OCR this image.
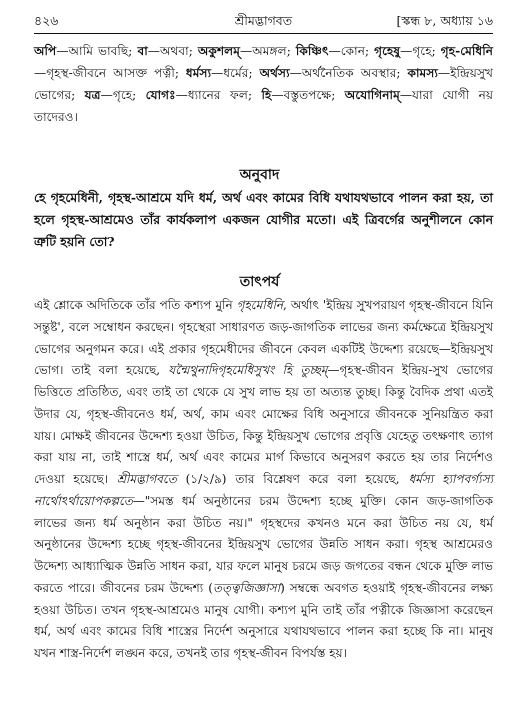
৪২৬	শ্রীমদ্ভাগবত	[স্কন্ধ ৮, অধ্যায় ১৬
অপি—আমি ভাবছি; বা—অথবা; অকুশলম্—অমঙ্গল; কিঞ্চিৎ—কোন; গৃহেষু—গৃহে; গৃহ-মেধিনি—গৃহস্থ-জীবনে আসক্ত পত্নী; ধর্মস্য—ধর্মের; অর্থস্য—অর্থনৈতিক অবস্থার; কামস্য—ইন্দ্রিয়সুখ ভোগের; যত্র—গৃহে; যোগঃ—ধ্যানের ফল; হি—বস্তুতপক্ষে; অযোগিনাম্—যারা যোগী নয় তাদেরও।
অনুবাদ

হে গৃহমেধিনী, গৃহস্থ-আশ্রমে যদি ধর্ম, অর্থ এবং কামের বিধি যথাযথভাবে পালন করা হয়, তা হলে গৃহস্থ-আশ্রমেও তাঁর কার্যকলাপ একজন যোগীর মতো। এই ত্রিবর্গের অনুশীলনে কোন ত্রুটি হয়নি তো?

তাৎপর্য

এই শ্লোকে অদিতিকে তাঁর পতি কশ্যপ মুনি গৃহমেধিনি, অর্থাৎ 'ইন্দ্রিয় সুখপরায়ণ গৃহস্থ-জীবনে যিনি সন্তুষ্ট', বলে সম্বোধন করছেন। গৃহস্থেরা সাধারণত জড়-জাগতিক লাভের জন্য কর্মক্ষেত্রে ইন্দ্রিয়সুখ ভোগের অনুগমন করে। এই প্রকার গৃহমেধীদের জীবনে কেবল একটিই উদ্দেশ্য রয়েছে—ইন্দ্রিয়সুখ ভোগ। তাই বলা হয়েছে, যন্মৈথুনাদিগৃহমেধিসুখং হি তুচ্ছম্—গৃহস্থ-জীবন ইন্দ্রিয়-সুখ ভোগের ভিত্তিতে প্রতিষ্ঠিত, এবং তাই তা থেকে যে সুখ লাভ হয় তা অত্যন্ত তুচ্ছ। কিন্তু বৈদিক প্রথা এতই উদার যে, গৃহস্থ-জীবনেও ধর্ম, অর্থ, কাম এবং মোক্ষের বিধি অনুসারে জীবনকে সুনিয়ন্ত্রিত করা যায়। মোক্ষই জীবনের উদ্দেশ্য হওয়া উচিত, কিন্তু ইন্দ্রিয়সুখ ভোগের প্রবৃত্তি যেহেতু তৎক্ষণাৎ ত্যাগ করা যায় না, তাই শাস্ত্রে ধর্ম, অর্থ এবং কামের মার্গ কিভাবে অনুসরণ করতে হয় তার নির্দেশও দেওয়া হয়েছে। শ্রীমদ্ভাগবতে (১/২/৯) তার বিশ্লেষণ করে বলা হয়েছে, ধর্মস্য হ্যাপবর্গ্যস্য নার্থোঽর্থায়োপকল্পতে—"সমস্ত ধর্ম অনুষ্ঠানের চরম উদ্দেশ্য হচ্ছে মুক্তি। কোন জড়-জাগতিক লাভের জন্য ধর্ম অনুষ্ঠান করা উচিত নয়।" গৃহস্থদের কখনও মনে করা উচিত নয় যে, ধর্ম অনুষ্ঠানের উদ্দেশ্য হচ্ছে গৃহস্থ-জীবনের ইন্দ্রিয়সুখ ভোগের উন্নতি সাধন করা। গৃহস্থ আশ্রমেরও উদ্দেশ্য আধ্যাত্মিক উন্নতি সাধন করা, যার ফলে মানুষ চরমে জড় জগতের বন্ধন থেকে মুক্তি লাভ করতে পারে। জীবনের চরম উদ্দেশ্য (তত্ত্বজিজ্ঞাসা) সম্বন্ধে অবগত হওয়াই গৃহস্থ-জীবনের লক্ষ্য হওয়া উচিত। তখন গৃহস্থ-আশ্রমেও মানুষ যোগী। কশ্যপ মুনি তাই তাঁর পত্নীকে জিজ্ঞাসা করেছেন ধর্ম, অর্থ এবং কামের বিধি শাস্ত্রের নির্দেশ অনুসারে যথাযথভাবে পালন করা হচ্ছে কি না। মানুষ যখন শাস্ত্র-নির্দেশ লঙ্ঘন করে, তখনই তার গৃহস্থ-জীবন বিপর্যস্ত হয়।
